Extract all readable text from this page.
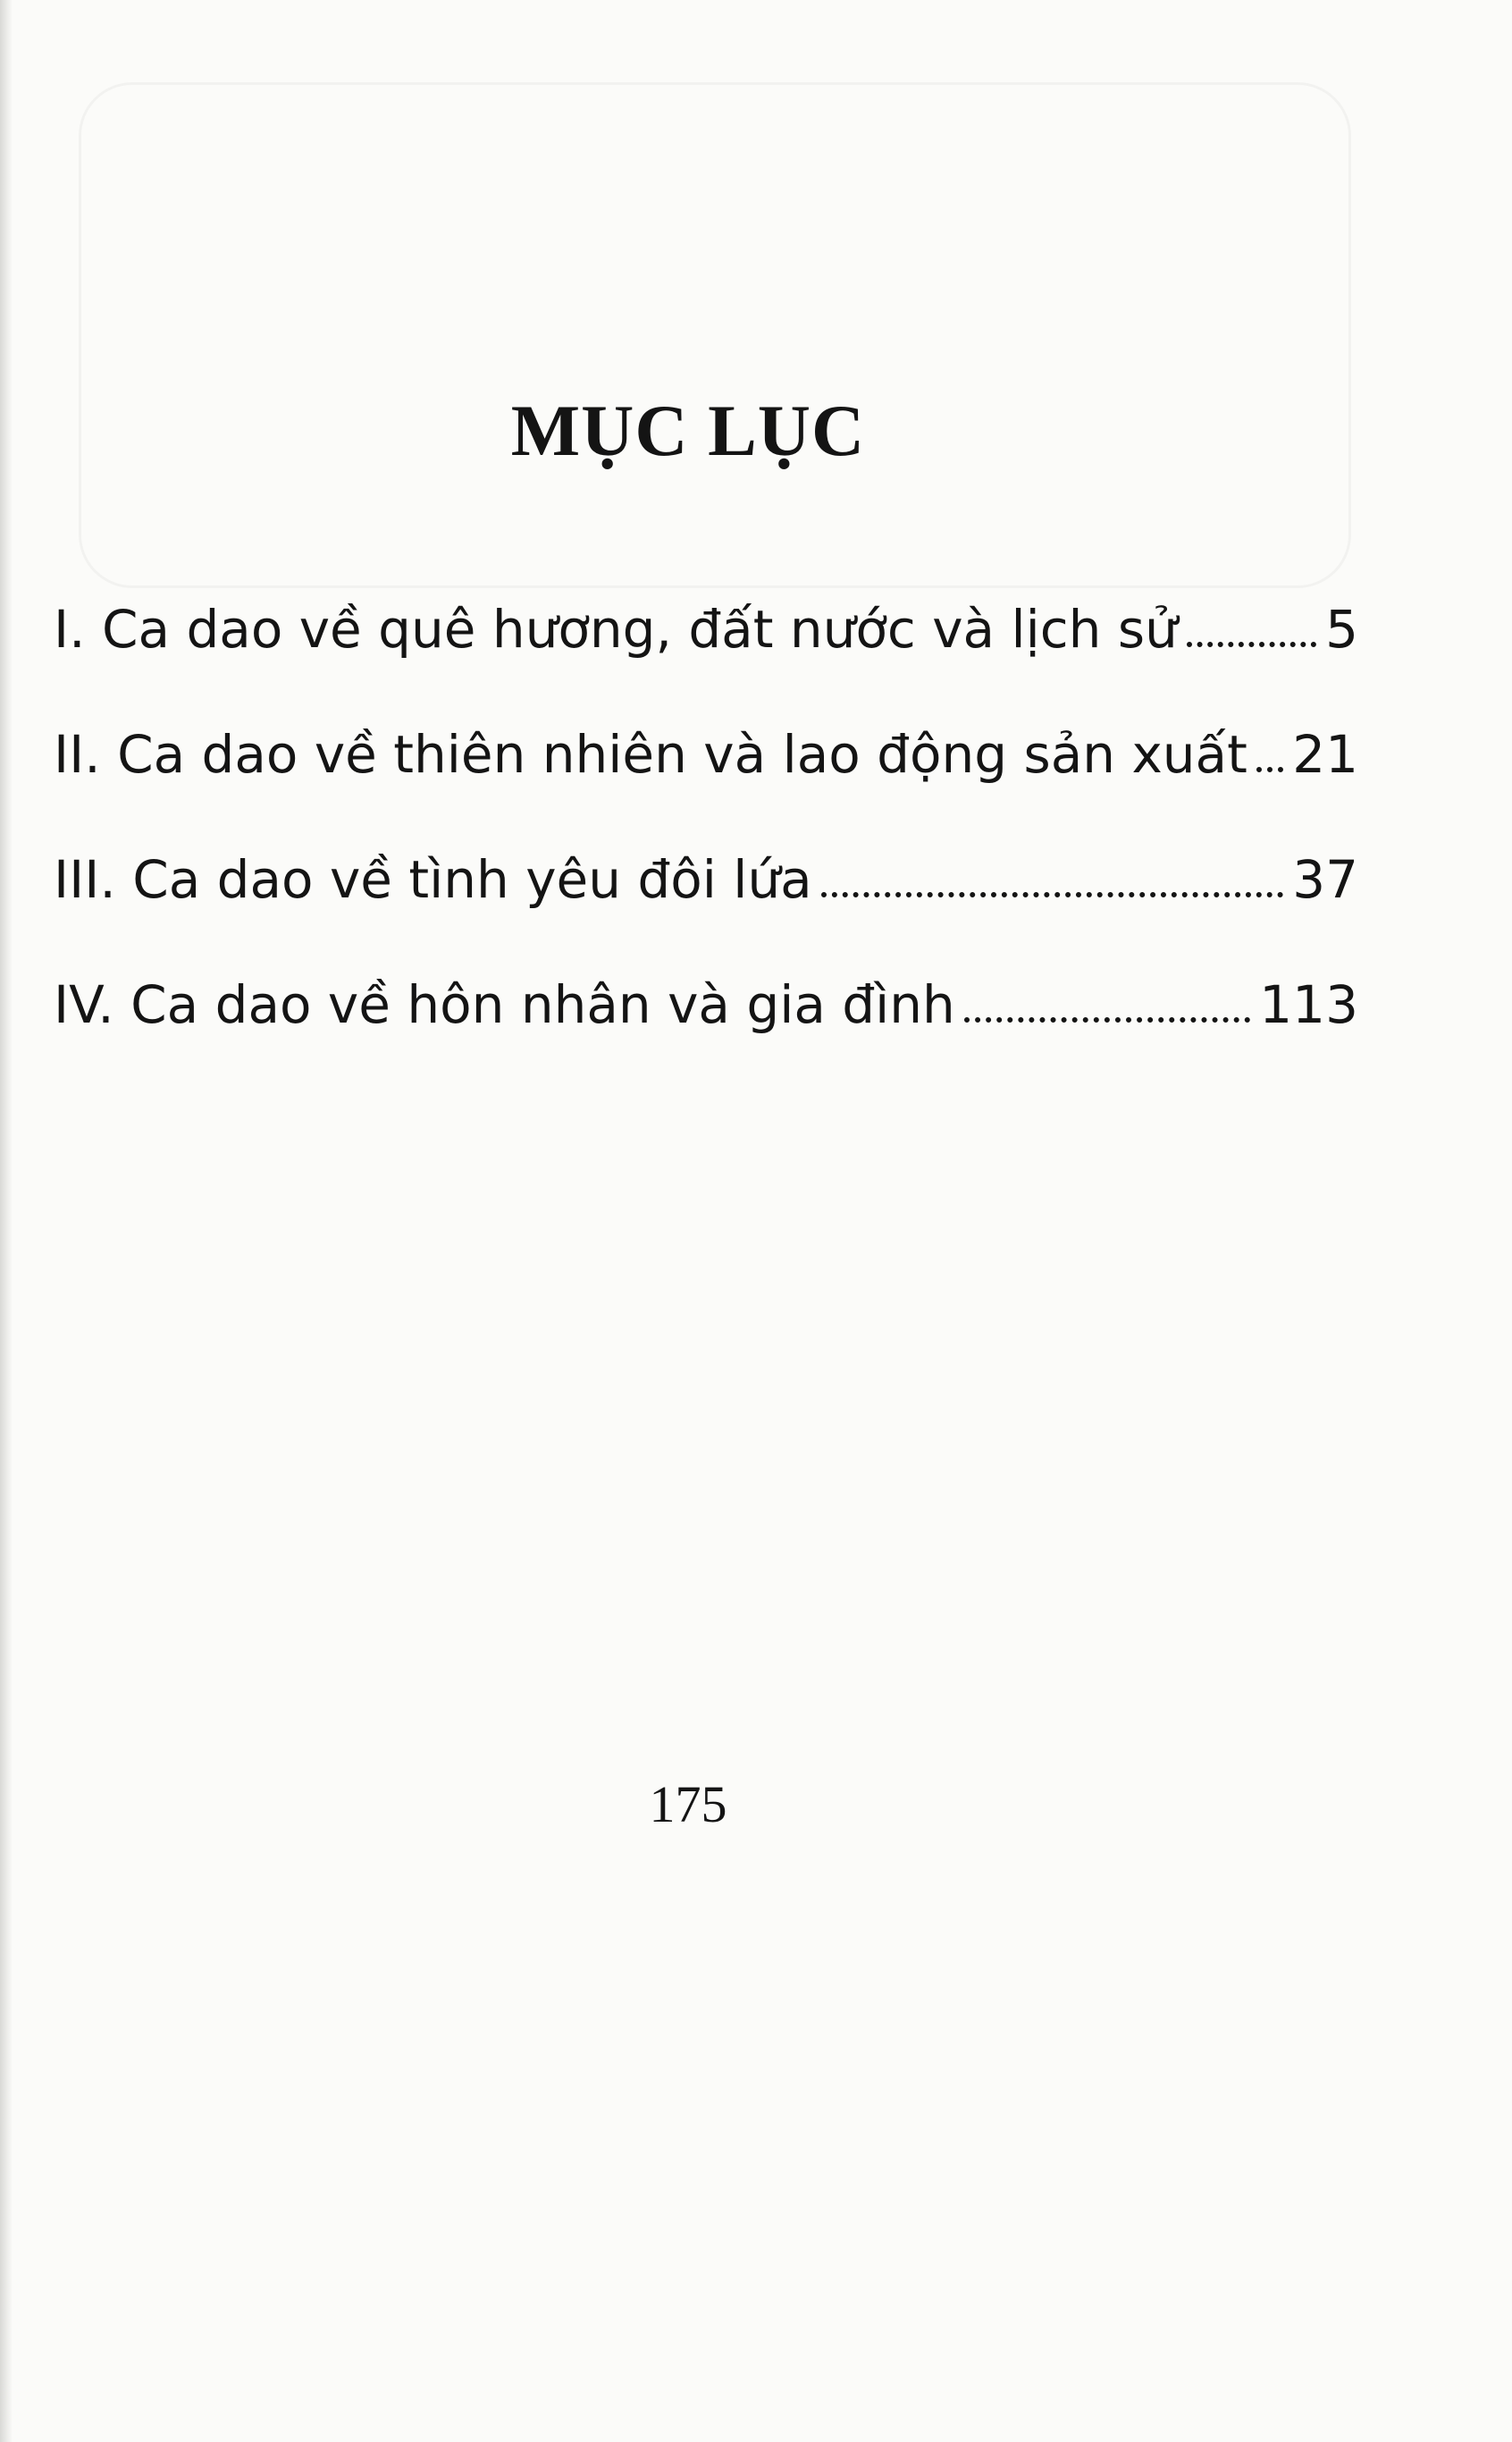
MỤC LỤC
I. Ca dao về quê hương, đất nước và lịch sử	5
II. Ca dao về thiên nhiên và lao động sản xuất 21
III. Ca dao về tình yêu đôi lứa	37
IV. Ca dao về hôn nhân và gia đình	113
175
